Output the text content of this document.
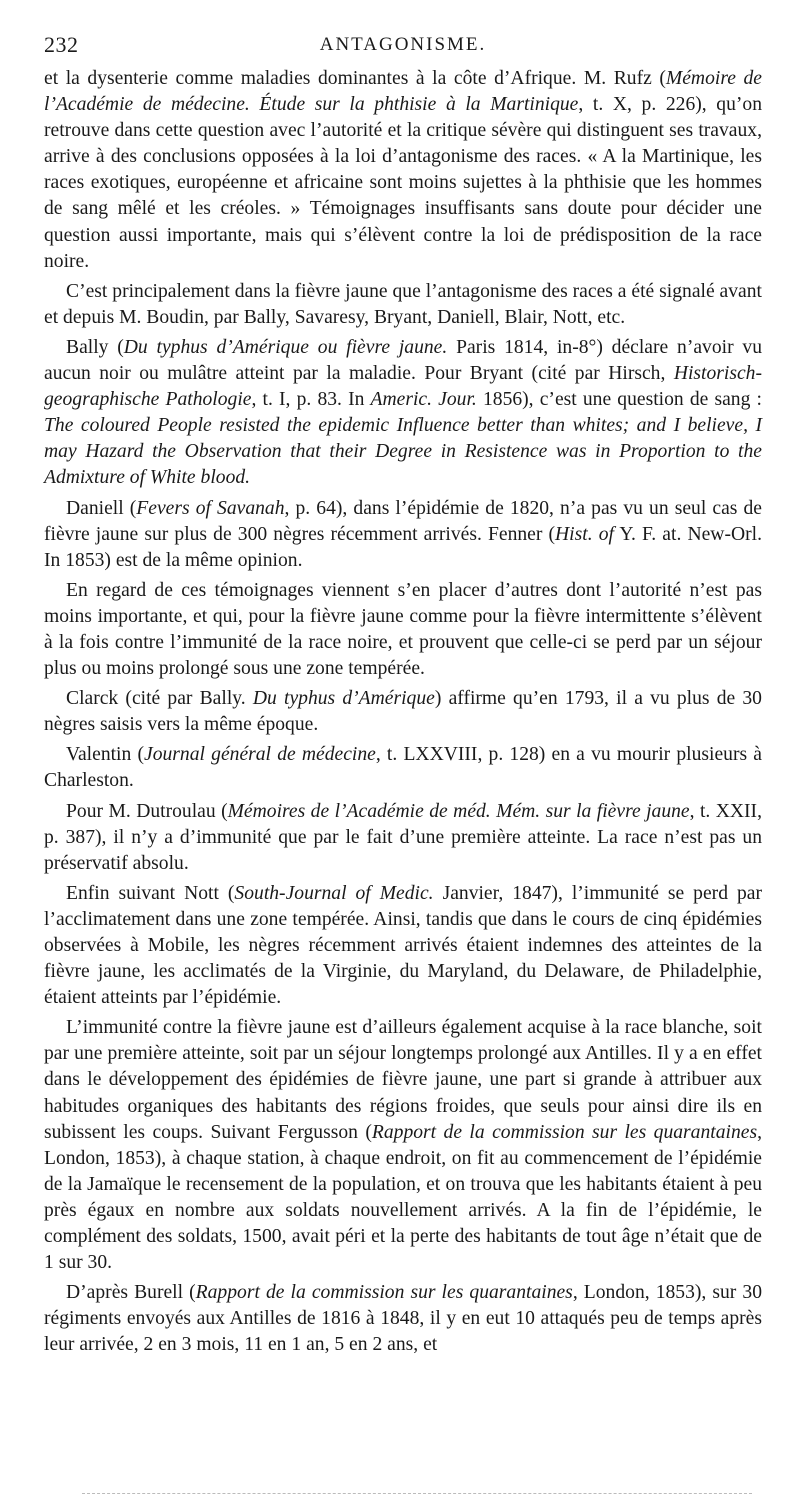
232	ANTAGONISME.

et la dysenterie comme maladies dominantes à la côte d’Afrique. M. Rufz (Mémoire de l’Académie de médecine. Étude sur la phthisie à la Martinique, t. X, p. 226), qu’on retrouve dans cette question avec l’autorité et la critique sévère qui distinguent ses travaux, arrive à des conclusions opposées à la loi d’antagonisme des races. « A la Martinique, les races exotiques, européenne et africaine sont moins sujettes à la phthisie que les hommes de sang mêlé et les créoles. » Témoignages insuffisants sans doute pour décider une question aussi importante, mais qui s’élèvent contre la loi de prédisposition de la race noire.

C’est principalement dans la fièvre jaune que l’antagonisme des races a été signalé avant et depuis M. Boudin, par Bally, Savaresy, Bryant, Daniell, Blair, Nott, etc.

Bally (Du typhus d’Amérique ou fièvre jaune. Paris 1814, in-8°) déclare n’avoir vu aucun noir ou mulâtre atteint par la maladie. Pour Bryant (cité par Hirsch, Historisch-geographische Pathologie, t. I, p. 83. In Americ. Jour. 1856), c’est une question de sang : The coloured People resisted the epidemic Influence better than whites; and I believe, I may Hazard the Observation that their Degree in Resistence was in Proportion to the Admixture of White blood.

Daniell (Fevers of Savanah, p. 64), dans l’épidémie de 1820, n’a pas vu un seul cas de fièvre jaune sur plus de 300 nègres récemment arrivés. Fenner (Hist. of Y. F. at. New-Orl. In 1853) est de la même opinion.

En regard de ces témoignages viennent s’en placer d’autres dont l’autorité n’est pas moins importante, et qui, pour la fièvre jaune comme pour la fièvre intermittente s’élèvent à la fois contre l’immunité de la race noire, et prouvent que celle-ci se perd par un séjour plus ou moins prolongé sous une zone tempérée.

Clarck (cité par Bally. Du typhus d’Amérique) affirme qu’en 1793, il a vu plus de 30 nègres saisis vers la même époque.

Valentin (Journal général de médecine, t. LXXVIII, p. 128) en a vu mourir plusieurs à Charleston.

Pour M. Dutroulau (Mémoires de l’Académie de méd. Mém. sur la fièvre jaune, t. XXII, p. 387), il n’y a d’immunité que par le fait d’une première atteinte. La race n’est pas un préservatif absolu.

Enfin suivant Nott (South-Journal of Medic. Janvier, 1847), l’immunité se perd par l’acclimatement dans une zone tempérée. Ainsi, tandis que dans le cours de cinq épidémies observées à Mobile, les nègres récemment arrivés étaient indemnes des atteintes de la fièvre jaune, les acclimatés de la Virginie, du Maryland, du Delaware, de Philadelphie, étaient atteints par l’épidémie.

L’immunité contre la fièvre jaune est d’ailleurs également acquise à la race blanche, soit par une première atteinte, soit par un séjour longtemps prolongé aux Antilles. Il y a en effet dans le développement des épidémies de fièvre jaune, une part si grande à attribuer aux habitudes organiques des habitants des régions froides, que seuls pour ainsi dire ils en subissent les coups. Suivant Fergusson (Rapport de la commission sur les quarantaines, London, 1853), à chaque station, à chaque endroit, on fit au commencement de l’épidémie de la Jamaïque le recensement de la population, et on trouva que les habitants étaient à peu près égaux en nombre aux soldats nouvellement arrivés. A la fin de l’épidémie, le complément des soldats, 1500, avait péri et la perte des habitants de tout âge n’était que de 1 sur 30.

D’après Burell (Rapport de la commission sur les quarantaines, London, 1853), sur 30 régiments envoyés aux Antilles de 1816 à 1848, il y en eut 10 attaqués peu de temps après leur arrivée, 2 en 3 mois, 11 en 1 an, 5 en 2 ans, et
